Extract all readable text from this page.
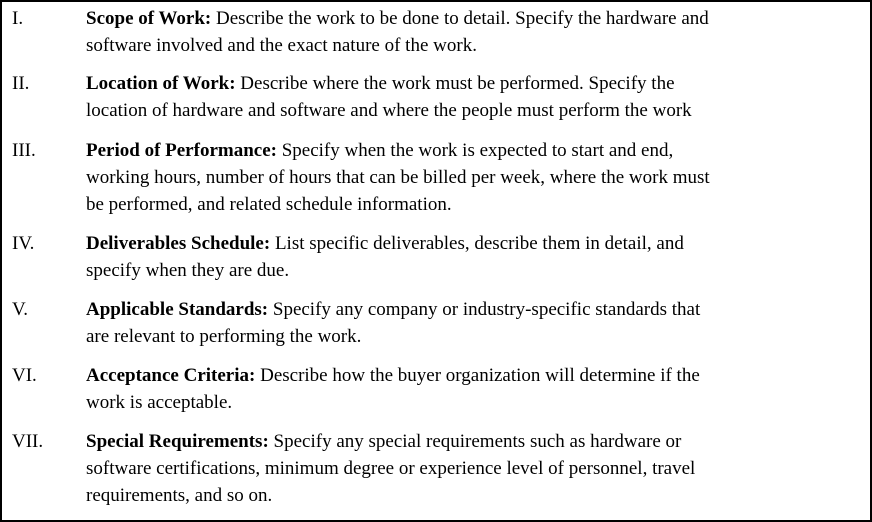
I.	Scope of Work: Describe the work to be done to detail. Specify the hardware and
software involved and the exact nature of the work.
II.	Location of Work: Describe where the work must be performed. Specify the
location of hardware and software and where the people must perform the work
III.	Period of Performance: Specify when the work is expected to start and end,
working hours, number of hours that can be billed per week, where the work must
be performed, and related schedule information.
IV.	Deliverables Schedule: List specific deliverables, describe them in detail, and
specify when they are due.
V.	Applicable Standards: Specify any company or industry-specific standards that
are relevant to performing the work.
VI.	Acceptance Criteria: Describe how the buyer organization will determine if the
work is acceptable.
VII. Special Requirements: Specify any special requirements such as hardware or
software certifications, minimum degree or experience level of personnel, travel
requirements, and so on.
